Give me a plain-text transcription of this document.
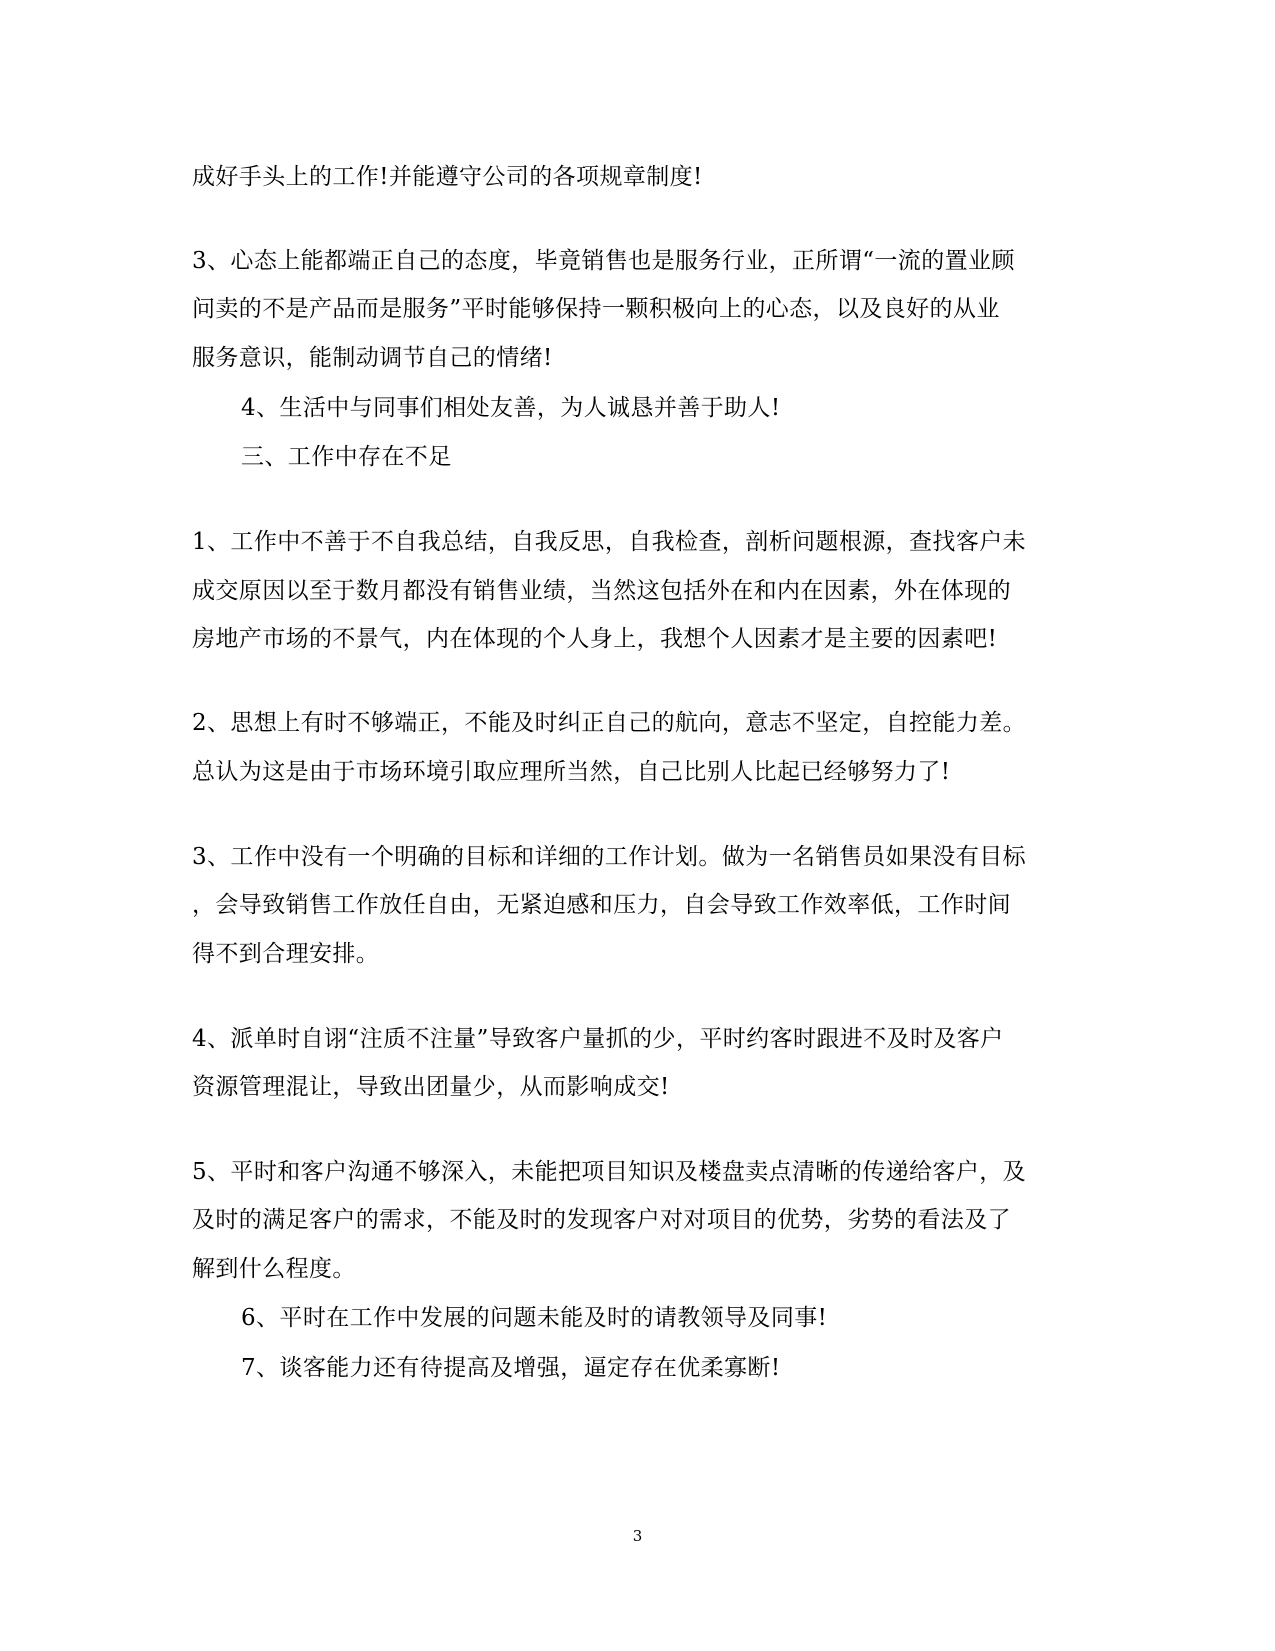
成好手头上的工作!并能遵守公司的各项规章制度!
3、心态上能都端正自己的态度，毕竟销售也是服务行业，正所谓“一流的置业顾
问卖的不是产品而是服务”平时能够保持一颗积极向上的心态，以及良好的从业
服务意识，能制动调节自己的情绪!
4、生活中与同事们相处友善，为人诚恳并善于助人!
三、工作中存在不足
1、工作中不善于不自我总结，自我反思，自我检查，剖析问题根源，查找客户未
成交原因以至于数月都没有销售业绩，当然这包括外在和内在因素，外在体现的
房地产市场的不景气，内在体现的个人身上，我想个人因素才是主要的因素吧!
2、思想上有时不够端正，不能及时纠正自己的航向，意志不坚定，自控能力差。
总认为这是由于市场环境引取应理所当然，自己比别人比起已经够努力了!
3、工作中没有一个明确的目标和详细的工作计划。做为一名销售员如果没有目标
，会导致销售工作放任自由，无紧迫感和压力，自会导致工作效率低，工作时间
得不到合理安排。
4、派单时自诩“注质不注量”导致客户量抓的少，平时约客时跟进不及时及客户
资源管理混让，导致出团量少，从而影响成交!
5、平时和客户沟通不够深入，未能把项目知识及楼盘卖点清晰的传递给客户，及
及时的满足客户的需求，不能及时的发现客户对对项目的优势，劣势的看法及了
解到什么程度。
6、平时在工作中发展的问题未能及时的请教领导及同事!
7、谈客能力还有待提高及增强，逼定存在优柔寡断!
3
